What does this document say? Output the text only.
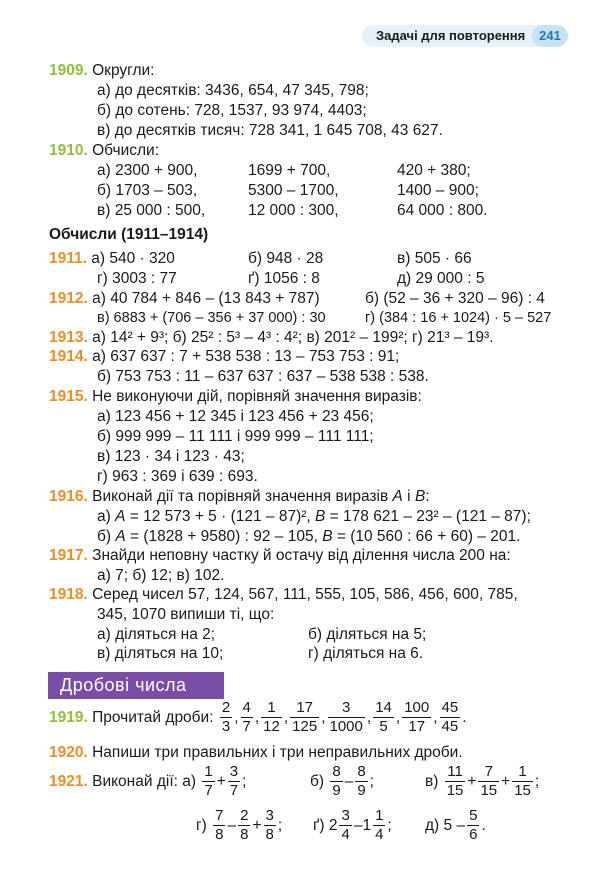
Задачі для повторення	241
1909. Округли:
а) до десятків: 3436, 654, 47 345, 798;
б) до сотень: 728, 1537, 93 974, 4403;
в) до десятків тисяч: 728 341, 1 645 708, 43 627.
1910. Обчисли:
а) 2300 + 900,	1699 + 700,	420 + 380;
б) 1703 – 503,	5300 – 1700,	1400 – 900;
в) 25 000 : 500,	12 000 : 300,	64 000 : 800.
Обчисли (1911–1914)
1911. а) 540 · 320	б) 948 · 28	в) 505 · 66
г) 3003 : 77	ґ) 1056 : 8	д) 29 000 : 5
1912. а) 40 784 + 846 – (13 843 + 787)	б) (52 – 36 + 320 – 96) : 4
в) 6883 + (706 – 356 + 37 000) : 30	г) (384 : 16 + 1024) · 5 – 527
1913. а) 14² + 9³; б) 25² : 5³ – 4³ : 4²; в) 201² – 199²; г) 21³ – 19³.
1914. а) 637 637 : 7 + 538 538 : 13 – 753 753 : 91;
б) 753 753 : 11 – 637 637 : 637 – 538 538 : 538.
1915. Не виконуючи дій, порівняй значення виразів:
а) 123 456 + 12 345 і 123 456 + 23 456;
б) 999 999 – 11 111 і 999 999 – 111 111;
в) 123 · 34 і 123 · 43;
г) 963 : 369 і 639 : 693.
1916. Виконай дії та порівняй значення виразів A і B:
а) A = 12 573 + 5 · (121 – 87)², B = 178 621 – 23² – (121 – 87);
б) A = (1828 + 9580) : 92 – 105, B = (10 560 : 66 + 60) – 201.
1917. Знайди неповну частку й остачу від ділення числа 200 на:
а) 7; б) 12; в) 102.
1918. Серед чисел 57, 124, 567, 111, 555, 105, 586, 456, 600, 785,
345, 1070 випиши ті, що:
а) діляться на 2;	б) діляться на 5;
в) діляться на 10;	г) діляться на 6.
Дробові числа
1919. Прочитай дроби: $\frac{2}{3}$ , $\frac{4}{7}$ , $\frac{1}{12}$ , $\frac{17}{125}$ , $\frac{3}{1000}$ , $\frac{14}{5}$ , $\frac{100}{17}$ , $\frac{45}{45}$ .
1920. Напиши три правильних і три неправильних дроби.
1921. Виконай дії: $а) \frac{1}{7} + \frac{3}{7}$ ;	$б) \frac{8}{9} - \frac{8}{9}$ ;	$в) \frac{11}{15} + \frac{7}{15} + \frac{1}{15}$ ;
$г) \frac{7}{8} - \frac{2}{8} + \frac{3}{8}$ ; ґ) $2 \frac{3}{4} -1 \frac{1}{4}$ ; д) $5 - \frac{5}{6}$ .
